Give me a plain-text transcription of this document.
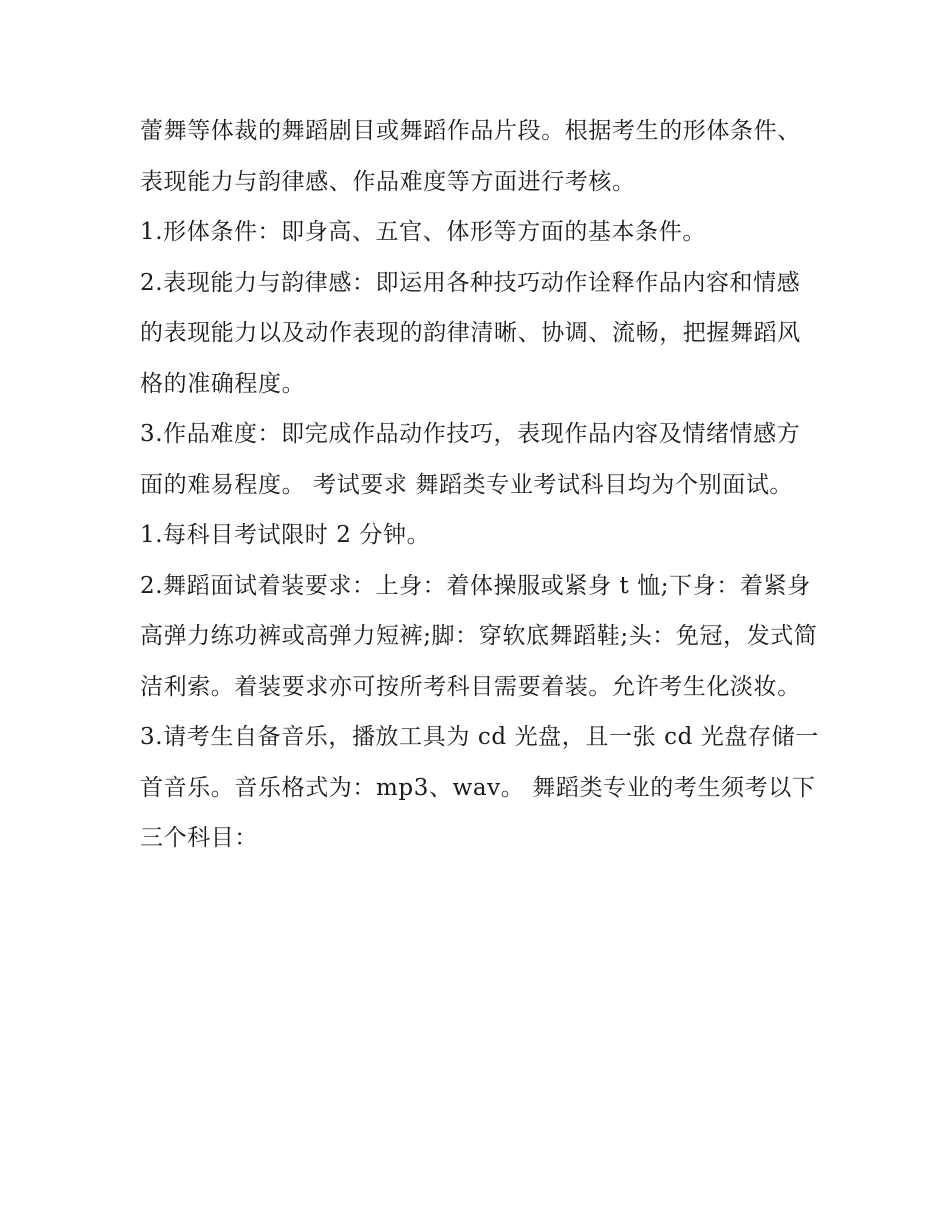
蕾舞等体裁的舞蹈剧目或舞蹈作品片段。根据考生的形体条件、表现能力与韵律感、作品难度等方面进行考核。

1.形体条件：即身高、五官、体形等方面的基本条件。

2.表现能力与韵律感：即运用各种技巧动作诠释作品内容和情感的表现能力以及动作表现的韵律清晰、协调、流畅，把握舞蹈风格的准确程度。

3.作品难度：即完成作品动作技巧，表现作品内容及情绪情感方面的难易程度。 考试要求 舞蹈类专业考试科目均为个别面试。 1.每科目考试限时 2 分钟。

2.舞蹈面试着装要求：上身：着体操服或紧身 t 恤;下身：着紧身高弹力练功裤或高弹力短裤;脚：穿软底舞蹈鞋;头：免冠，发式简洁利索。着装要求亦可按所考科目需要着装。允许考生化淡妆。

3.请考生自备音乐，播放工具为 cd 光盘，且一张 cd 光盘存储一首音乐。音乐格式为：mp3、wav。 舞蹈类专业的考生须考以下三个科目：
